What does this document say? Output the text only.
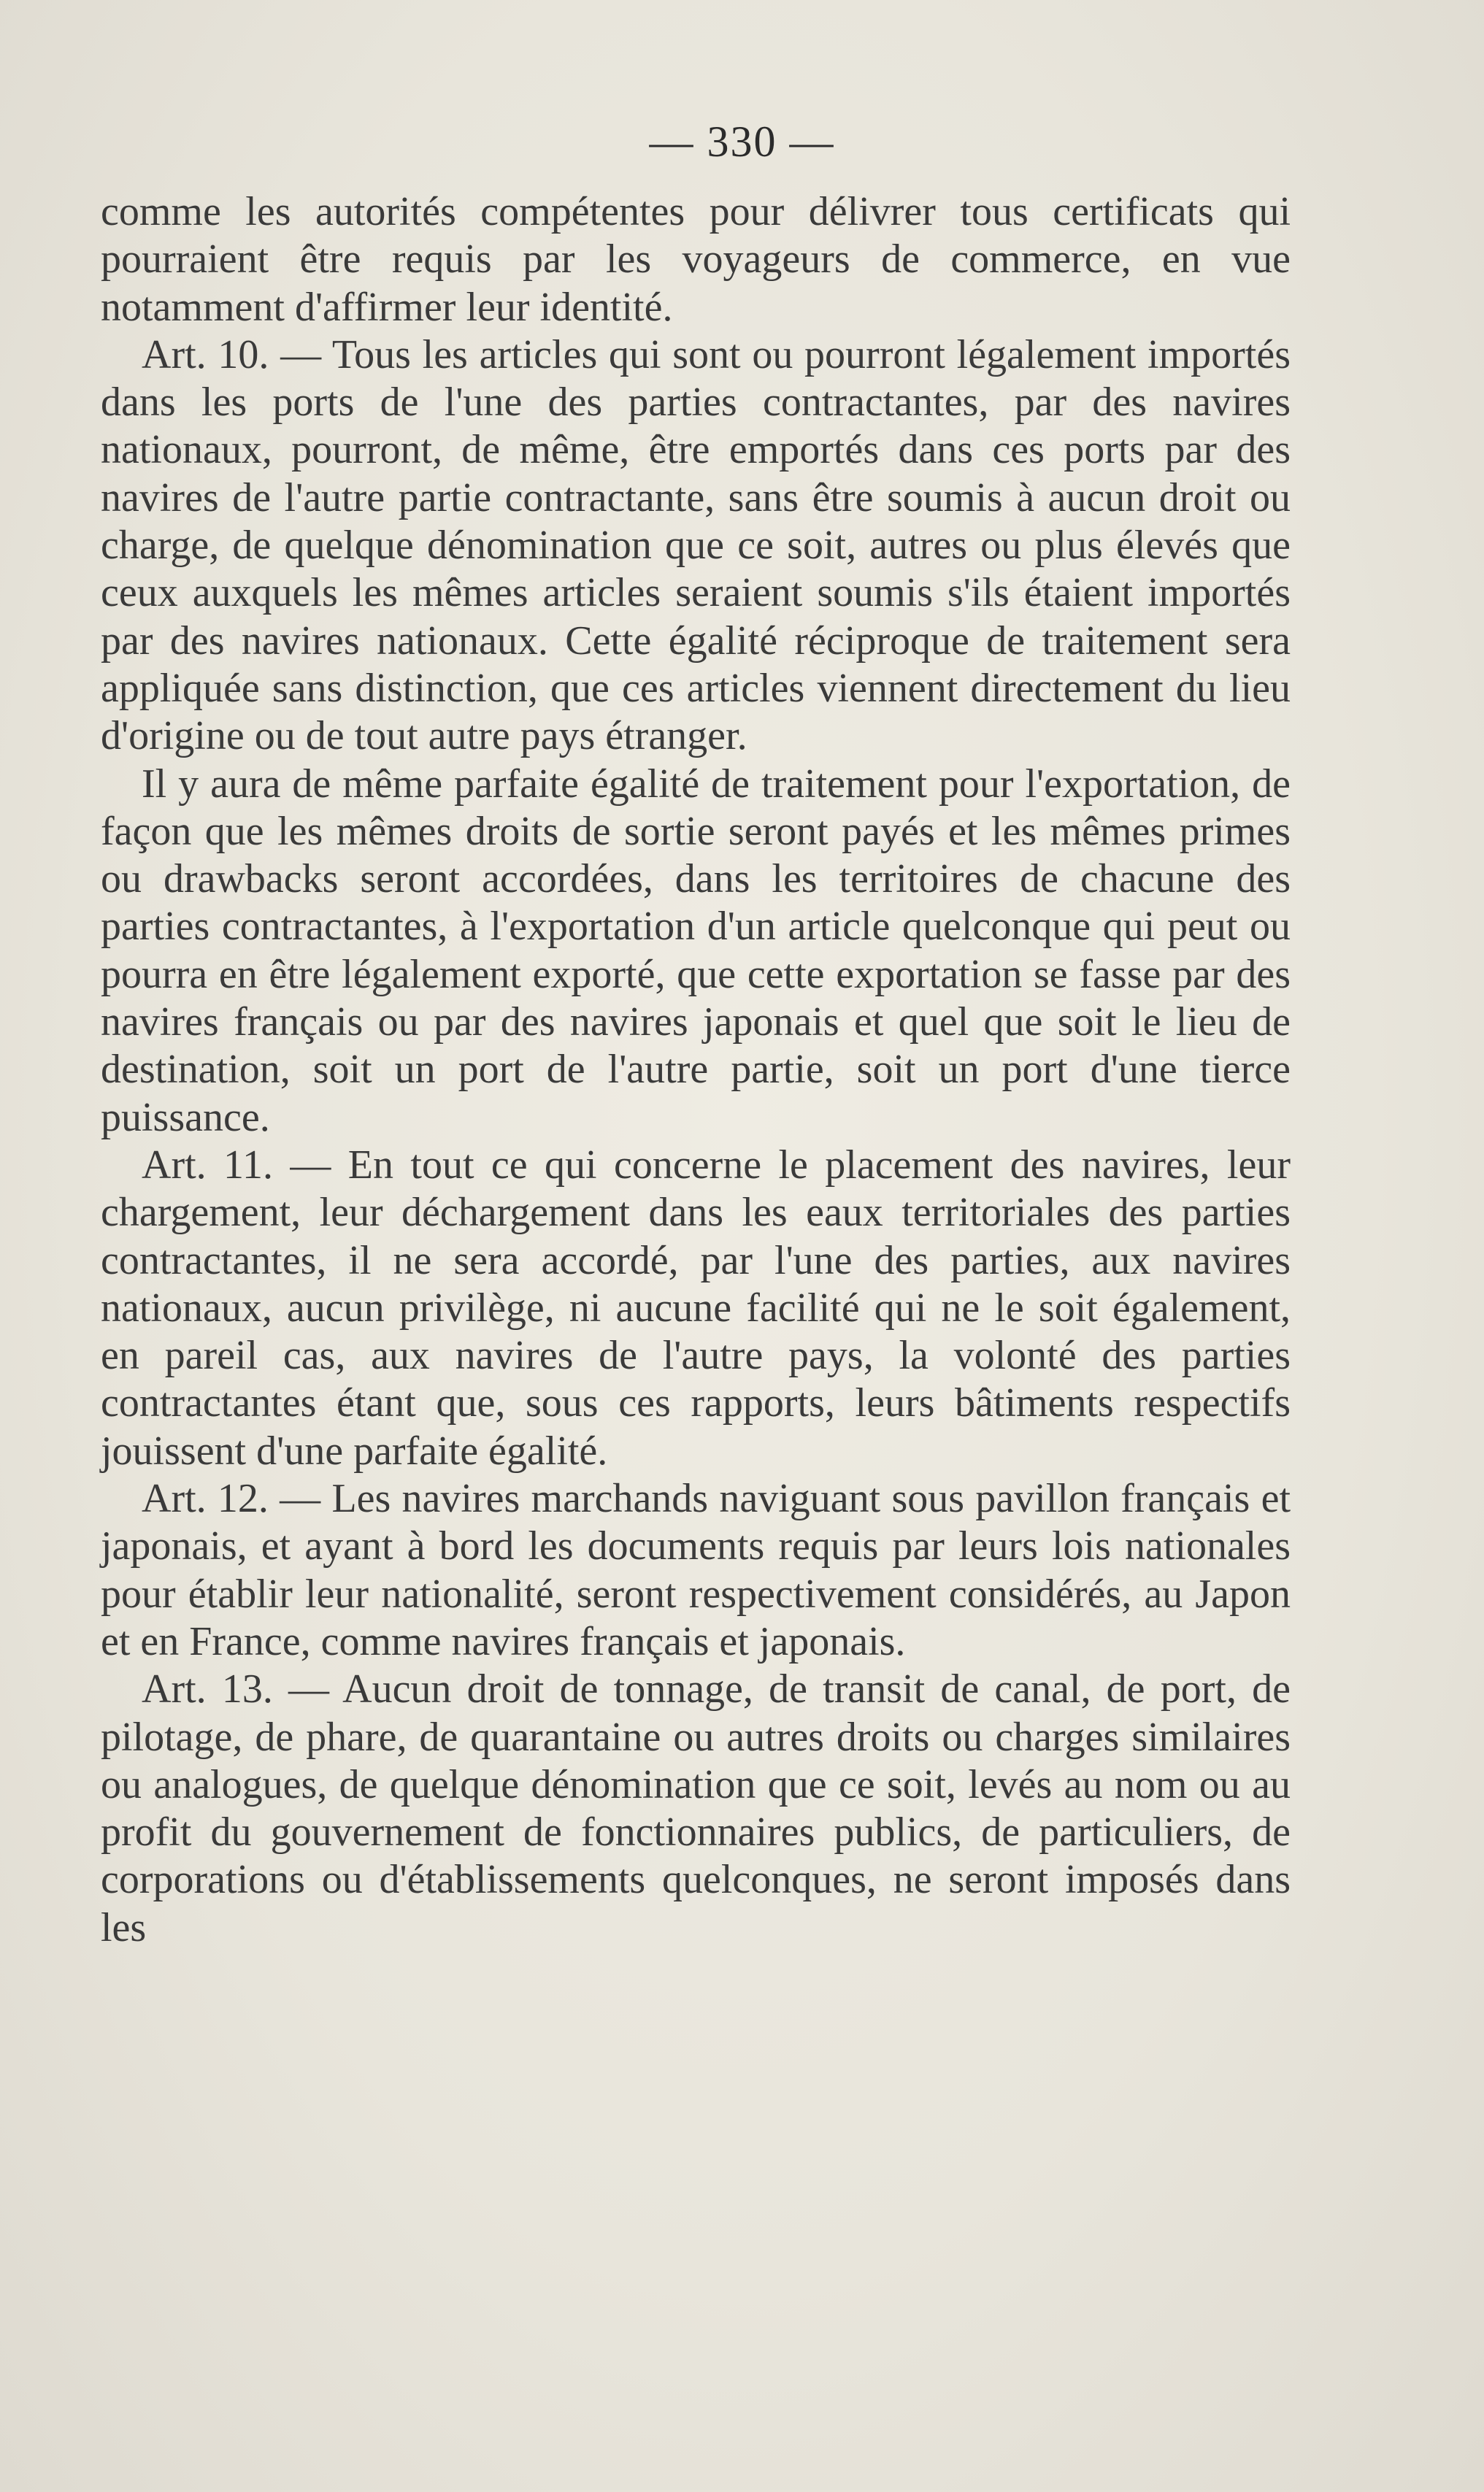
— 330 —

comme les autorités compétentes pour délivrer tous certificats qui pourraient être requis par les voyageurs de commerce, en vue notamment d'affirmer leur identité.

Art. 10. — Tous les articles qui sont ou pourront légalement importés dans les ports de l'une des parties contractantes, par des navires nationaux, pourront, de même, être emportés dans ces ports par des navires de l'autre partie contractante, sans être soumis à aucun droit ou charge, de quelque dénomination que ce soit, autres ou plus élevés que ceux auxquels les mêmes articles seraient soumis s'ils étaient importés par des navires nationaux. Cette égalité réciproque de traitement sera appliquée sans distinction, que ces articles viennent directement du lieu d'origine ou de tout autre pays étranger.

Il y aura de même parfaite égalité de traitement pour l'exportation, de façon que les mêmes droits de sortie seront payés et les mêmes primes ou drawbacks seront accordées, dans les territoires de chacune des parties contractantes, à l'exportation d'un article quelconque qui peut ou pourra en être légalement exporté, que cette exportation se fasse par des navires français ou par des navires japonais et quel que soit le lieu de destination, soit un port de l'autre partie, soit un port d'une tierce puissance.

Art. 11. — En tout ce qui concerne le placement des navires, leur chargement, leur déchargement dans les eaux territoriales des parties contractantes, il ne sera accordé, par l'une des parties, aux navires nationaux, aucun privilège, ni aucune facilité qui ne le soit également, en pareil cas, aux navires de l'autre pays, la volonté des parties contractantes étant que, sous ces rapports, leurs bâtiments respectifs jouissent d'une parfaite égalité.

Art. 12. — Les navires marchands naviguant sous pavillon français et japonais, et ayant à bord les documents requis par leurs lois nationales pour établir leur nationalité, seront respectivement considérés, au Japon et en France, comme navires français et japonais.

Art. 13. — Aucun droit de tonnage, de transit de canal, de port, de pilotage, de phare, de quarantaine ou autres droits ou charges similaires ou analogues, de quelque dénomination que ce soit, levés au nom ou au profit du gouvernement de fonctionnaires publics, de particuliers, de corporations ou d'établissements quelconques, ne seront imposés dans les
